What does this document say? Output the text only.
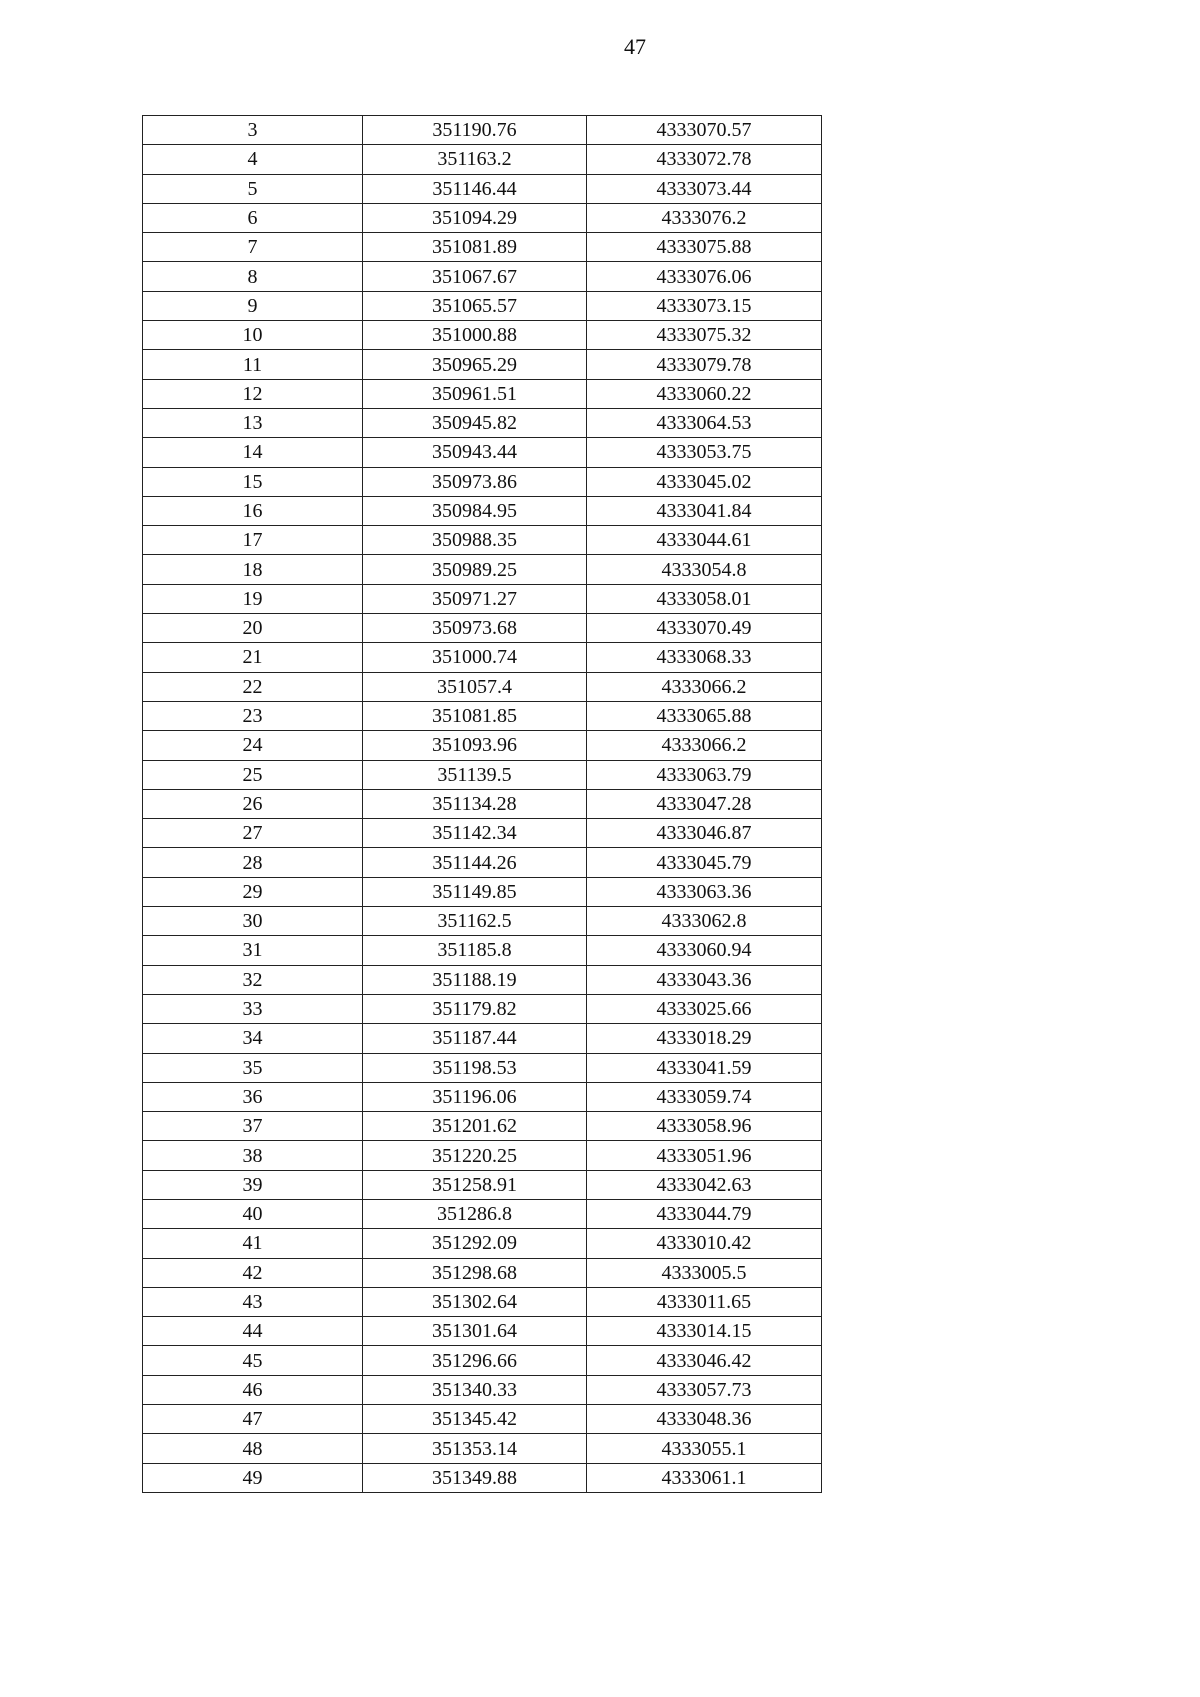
47
3	351190.76	4333070.57
4	351163.2	4333072.78
5	351146.44	4333073.44
6	351094.29	4333076.2
7	351081.89	4333075.88
8	351067.67	4333076.06
9	351065.57	4333073.15
10	351000.88	4333075.32
11	350965.29	4333079.78
12	350961.51	4333060.22
13	350945.82	4333064.53
14	350943.44	4333053.75
15	350973.86	4333045.02
16	350984.95	4333041.84
17	350988.35	4333044.61
18	350989.25	4333054.8
19	350971.27	4333058.01
20	350973.68	4333070.49
21	351000.74	4333068.33
22	351057.4	4333066.2
23	351081.85	4333065.88
24	351093.96	4333066.2
25	351139.5	4333063.79
26	351134.28	4333047.28
27	351142.34	4333046.87
28	351144.26	4333045.79
29	351149.85	4333063.36
30	351162.5	4333062.8
31	351185.8	4333060.94
32	351188.19	4333043.36
33	351179.82	4333025.66
34	351187.44	4333018.29
35	351198.53	4333041.59
36	351196.06	4333059.74
37	351201.62	4333058.96
38	351220.25	4333051.96
39	351258.91	4333042.63
40	351286.8	4333044.79
41	351292.09	4333010.42
42	351298.68	4333005.5
43	351302.64	4333011.65
44	351301.64	4333014.15
45	351296.66	4333046.42
46	351340.33	4333057.73
47	351345.42	4333048.36
48	351353.14	4333055.1
49	351349.88	4333061.1
